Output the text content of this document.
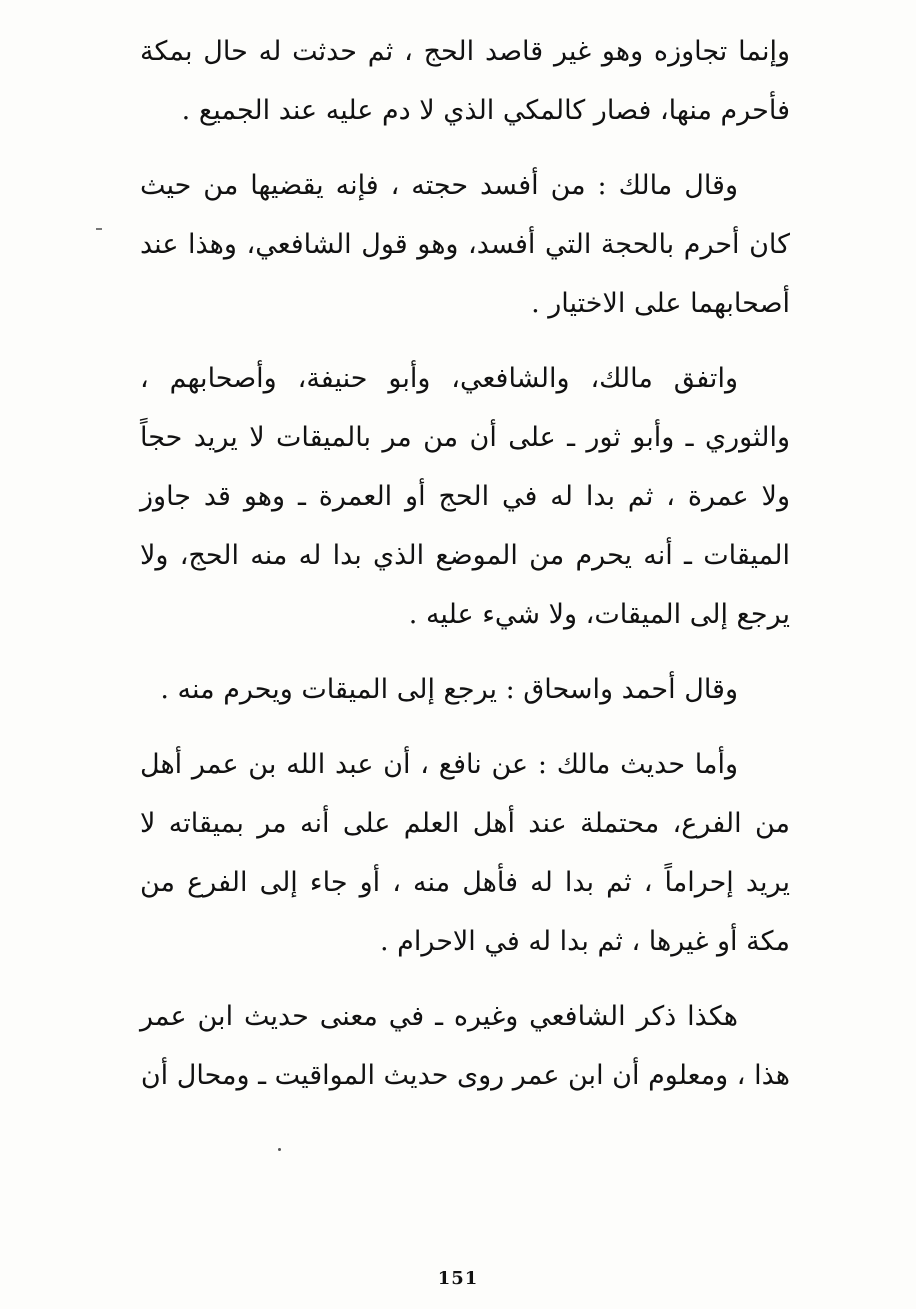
وإنما تجاوزه وهو غير قاصد الحج ، ثم حدثت له حال بمكة فأحرم منها، فصار كالمكي الذي لا دم عليه عند الجميع .

وقال مالك : من أفسد حجته ، فإنه يقضيها من حيث كان أحرم بالحجة التي أفسد، وهو قول الشافعي، وهذا عند أصحابهما على الاختيار .

واتفق مالك، والشافعي، وأبو حنيفة، وأصحابهم ، والثوري ـ وأبو ثور ـ على أن من مر بالميقات لا يريد حجاً ولا عمرة ، ثم بدا له في الحج أو العمرة ـ وهو قد جاوز الميقات ـ أنه يحرم من الموضع الذي بدا له منه الحج، ولا يرجع إلى الميقات، ولا شيء عليه .

وقال أحمد واسحاق : يرجع إلى الميقات ويحرم منه .

وأما حديث مالك : عن نافع ، أن عبد الله بن عمر أهل من الفرع، محتملة عند أهل العلم على أنه مر بميقاته لا يريد إحراماً ، ثم بدا له فأهل منه ، أو جاء إلى الفرع من مكة أو غيرها ، ثم بدا له في الاحرام .

هكذا ذكر الشافعي وغيره ـ في معنى حديث ابن عمر هذا ، ومعلوم أن ابن عمر روى حديث المواقيت ـ ومحال أن

151
